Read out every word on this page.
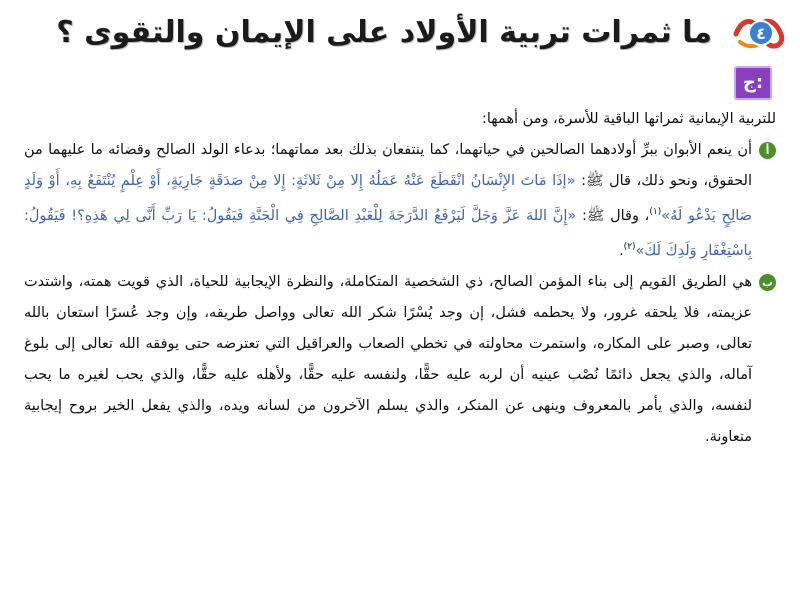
٤
ما ثمرات تربية الأولاد على الإيمان والتقوى ؟
ج:

للتربية الإيمانية ثمراتها الباقية للأسرة، ومن أهمها:

أ
أن ينعم الأبوان ببرِّ أولادهما الصالحين في حياتهما، كما ينتفعان بذلك بعد مماتهما؛ بدعاء الولد الصالح وقضائه ما عليهما من الحقوق، ونحو ذلك، قال ﷺ: «إذَا مَاتَ الإِنْسَانُ انْقَطَعَ عَنْهُ عَمَلُهُ إِلا مِنْ ثَلاثَةٍ: إِلا مِنْ صَدَقَةٍ جَارِيَةٍ، أَوْ عِلْمٍ يُنْتَفَعُ بِهِ، أَوْ وَلَدٍ صَالِحٍ يَدْعُو لَهُ»$^{(١)}$، وقال ﷺ: «إِنَّ اللهَ عَزَّ وَجَلَّ لَيَرْفَعُ الدَّرَجَةَ لِلْعَبْدِ الصَّالِحِ فِي الْجَنَّةِ فَيَقُولُ: يَا رَبِّ أَنَّى لِي هَذِهِ؟! فَيَقُولُ: بِاسْتِغْفَارِ وَلَدِكَ لَكَ»$^{(٢)}$.
ب
هي الطريق القويم إلى بناء المؤمن الصالح، ذي الشخصية المتكاملة، والنظرة الإيجابية للحياة، الذي قويت همته، واشتدت عزيمته، فلا يلحقه غرور، ولا يحطمه فشل، إن وجد يُسْرًا شكر الله تعالى وواصل طريقه، وإن وجد عُسرًا استعان بالله تعالى، وصبر على المكاره، واستمرت محاولته في تخطي الصعاب والعراقيل التي تعترضه حتى يوفقه الله تعالى إلى بلوغ آماله، والذي يجعل دائمًا نُصْب عينيه أن لربه عليه حقًّا، ولنفسه عليه حقًّا، ولأهله عليه حقًّا، والذي يحب لغيره ما يحب لنفسه، والذي يأمر بالمعروف وينهى عن المنكر، والذي يسلم الآخرون من لسانه ويده، والذي يفعل الخير بروح إيجابية متعاونة.
